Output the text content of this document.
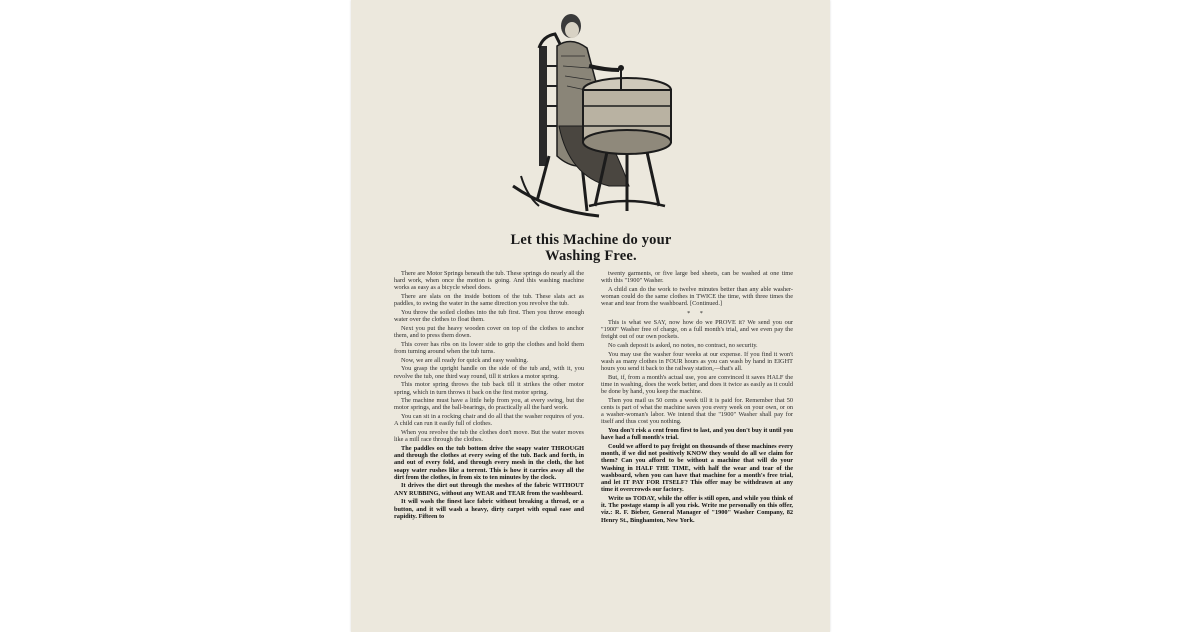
Let this Machine do your
Washing Free.

There are Motor Springs beneath the tub. These springs do nearly all the hard work, when once the motion is going. And this washing machine works as easy as a bicycle wheel does.

There are slats on the inside bottom of the tub. These slats act as paddles, to swing the water in the same direction you revolve the tub.

You throw the soiled clothes into the tub first. Then you throw enough water over the clothes to float them.

Next you put the heavy wooden cover on top of the clothes to anchor them, and to press them down.

This cover has ribs on its lower side to grip the clothes and hold them from turning around when the tub turns.

Now, we are all ready for quick and easy washing.

You grasp the upright handle on the side of the tub and, with it, you revolve the tub, one third way round, till it strikes a motor spring.

This motor spring throws the tub back till it strikes the other motor spring, which in turn throws it back on the first motor spring.

The machine must have a little help from you, at every swing, but the motor springs, and the ball-bearings, do practically all the hard work.

You can sit in a rocking chair and do all that the washer requires of you. A child can run it easily full of clothes.

When you revolve the tub the clothes don't move. But the water moves like a mill race through the clothes.

The paddles on the tub bottom drive the soapy water THROUGH and through the clothes at every swing of the tub. Back and forth, in and out of every fold, and through every mesh in the cloth, the hot soapy water rushes like a torrent. This is how it carries away all the dirt from the clothes, in from six to ten minutes by the clock.

It drives the dirt out through the meshes of the fabric WITHOUT ANY RUBBING, without any WEAR and TEAR from the washboard.

It will wash the finest lace fabric without breaking a thread, or a button, and it will wash a heavy, dirty carpet with equal ease and rapidity. Fifteen to

twenty garments, or five large bed sheets, can be washed at one time with this "1900" Washer.

A child can do the work to twelve minutes better than any able washer-woman could do the same clothes in TWICE the time, with three times the wear and tear from the washboard. [Continued.]

* *

This is what we SAY, now how do we PROVE it? We send you our "1900" Washer free of charge, on a full month's trial, and we even pay the freight out of our own pockets.

No cash deposit is asked, no notes, no contract, no security.

You may use the washer four weeks at our expense. If you find it won't wash as many clothes in FOUR hours as you can wash by hand in EIGHT hours you send it back to the railway station,—that's all.

But, if, from a month's actual use, you are convinced it saves HALF the time in washing, does the work better, and does it twice as easily as it could be done by hand, you keep the machine.

Then you mail us 50 cents a week till it is paid for. Remember that 50 cents is part of what the machine saves you every week on your own, or on a washer-woman's labor. We intend that the "1900" Washer shall pay for itself and thus cost you nothing.

You don't risk a cent from first to last, and you don't buy it until you have had a full month's trial.

Could we afford to pay freight on thousands of these machines every month, if we did not positively KNOW they would do all we claim for them? Can you afford to be without a machine that will do your Washing in HALF THE TIME, with half the wear and tear of the washboard, when you can have that machine for a month's free trial, and let IT PAY FOR ITSELF? This offer may be withdrawn at any time it overcrowds our factory.

Write us TODAY, while the offer is still open, and while you think of it. The postage stamp is all you risk. Write me personally on this offer, viz.: R. F. Bieber, General Manager of "1900" Washer Company, 82 Henry St., Binghamton, New York.
